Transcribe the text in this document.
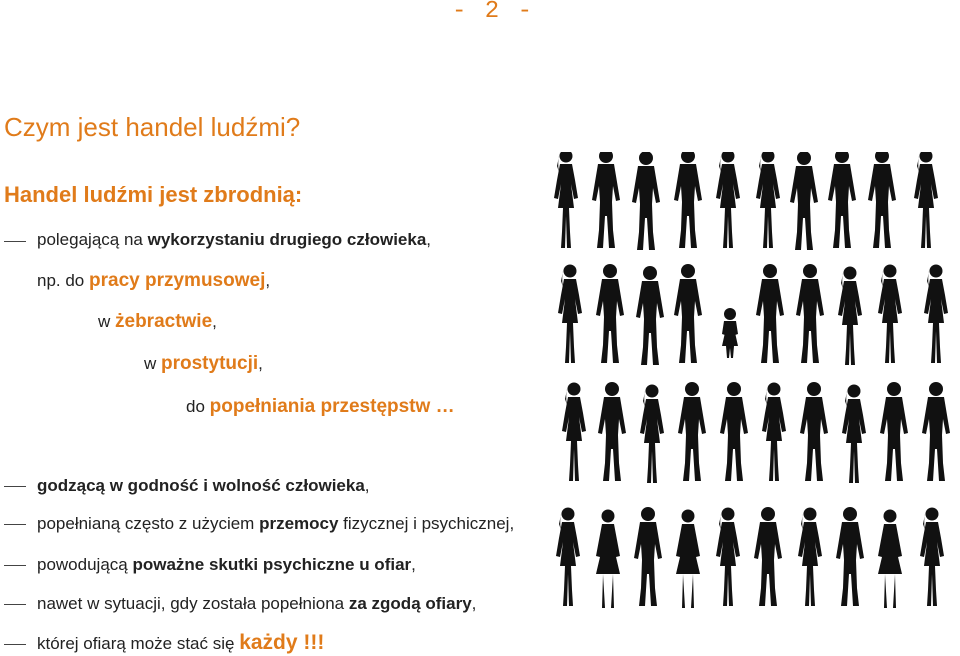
- 2 -
Czym jest handel ludźmi?
Handel ludźmi jest zbrodnią:
polegającą na wykorzystaniu drugiego człowieka,
np. do pracy przymusowej,
w żebractwie,
w prostytucji,
do popełniania przestępstw …
godzącą w godność i wolność człowieka,
popełnianą często z użyciem przemocy fizycznej i psychicznej,
powodującą poważne skutki psychiczne u ofiar,
nawet w sytuacji, gdy została popełniona za zgodą ofiary,
której ofiarą może stać się każdy !!!
